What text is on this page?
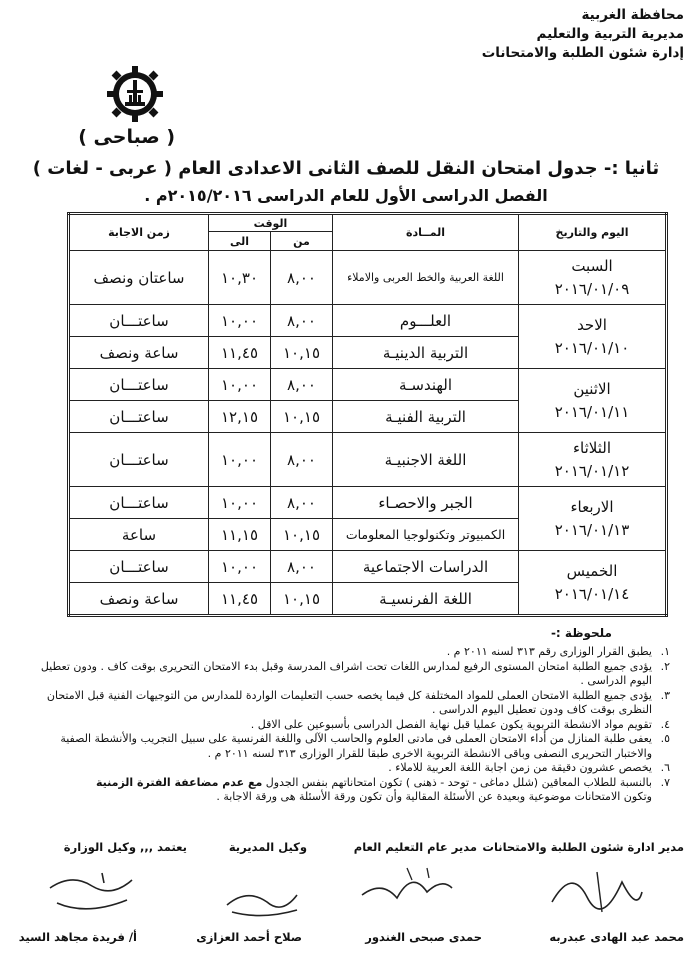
محافظة الغربية
مديرية التربية والتعليم
إدارة شئون الطلبة والامتحانات
( صباحى )
ثانيا :- جدول امتحان النقل للصف الثانى الاعدادى العام ( عربى - لغات )
الفصل الدراسى الأول للعام الدراسى ٢٠١٥/٢٠١٦م .
اليوم والتاريخ	المــادة	الوقت		زمن الاجابة
		من	الى	

السبت
٢٠١٦/٠١/٠٩	اللغة العربية والخط العربى والاملاء	٨,٠٠	١٠,٣٠	ساعتان ونصف

الاحد
٢٠١٦/٠١/١٠	العلـــوم	٨,٠٠	١٠,٠٠	ساعتـــان
	التربية الدينيـة	١٠,١٥	١١,٤٥	ساعة ونصف

الاثنين
٢٠١٦/٠١/١١	الهندسـة	٨,٠٠	١٠,٠٠	ساعتـــان
	التربية الفنيـة	١٠,١٥	١٢,١٥	ساعتـــان

الثلاثاء
٢٠١٦/٠١/١٢	اللغة الاجنبيـة	٨,٠٠	١٠,٠٠	ساعتـــان

الاربعاء
٢٠١٦/٠١/١٣	الجبر والاحصـاء	٨,٠٠	١٠,٠٠	ساعتـــان
	الكمبيوتر وتكنولوجيا المعلومات	١٠,١٥	١١,١٥	ساعة

الخميس
٢٠١٦/٠١/١٤	الدراسات الاجتماعية	٨,٠٠	١٠,٠٠	ساعتـــان
	اللغة الفرنسيـة	١٠,١٥	١١,٤٥	ساعة ونصف
ملحوظة :-
١.
يطبق القرار الوزارى رقم ٣١٣ لسنه ٢٠١١ م .
٢.
يؤدى جميع الطلبة امتحان المستوى الرفيع لمدارس اللغات تحت اشراف المدرسة وقبل بدء الامتحان التحريرى بوقت كاف . ودون تعطيل اليوم الدراسى .
٣.
يؤدى جميع الطلبة الامتحان العملى للمواد المختلفة كل فيما يخصه حسب التعليمات الواردة للمدارس من التوجيهات الفنية قبل الامتحان النظرى بوقت كاف ودون تعطيل اليوم الدراسى .
٤.
تقويم مواد الانشطة التربوية يكون عمليا قبل نهاية الفصل الدراسى بأسبوعين على الاقل .
٥.
يعفى طلبة المنازل من أداء الامتحان العملى فى مادتى العلوم والحاسب الآلى واللغة الفرنسية على سبيل التجريب والأنشطة الصفية والاختبار التحريرى النصفى وباقى الانشطة التربوية الاخرى طبقا للقرار الوزارى ٣١٣ لسنه ٢٠١١ م .
٦.
يخصص عشرون دقيقة من زمن اجابة اللغة العربية للاملاء .
٧.
بالنسبة للطلاب المعاقين (شلل دماغى - توحد - ذهنى ) تكون امتحاناتهم بنفس الجدول مع عدم مضاعفة الفترة الزمنية
وتكون الامتحانات موضوعية وبعيدة عن الأسئلة المقالية وأن تكون ورقة الأسئلة هى ورقة الاجابة .
مدير ادارة شئون الطلبة والامتحانات
مدير عام التعليم العام
وكيل المديرية
يعتمد ,,, وكيل الوزارة
محمد عبد الهادى عبدربه
حمدى صبحى الغندور
صلاح أحمد العزازى
أ/ فريدة مجاهد السيد
